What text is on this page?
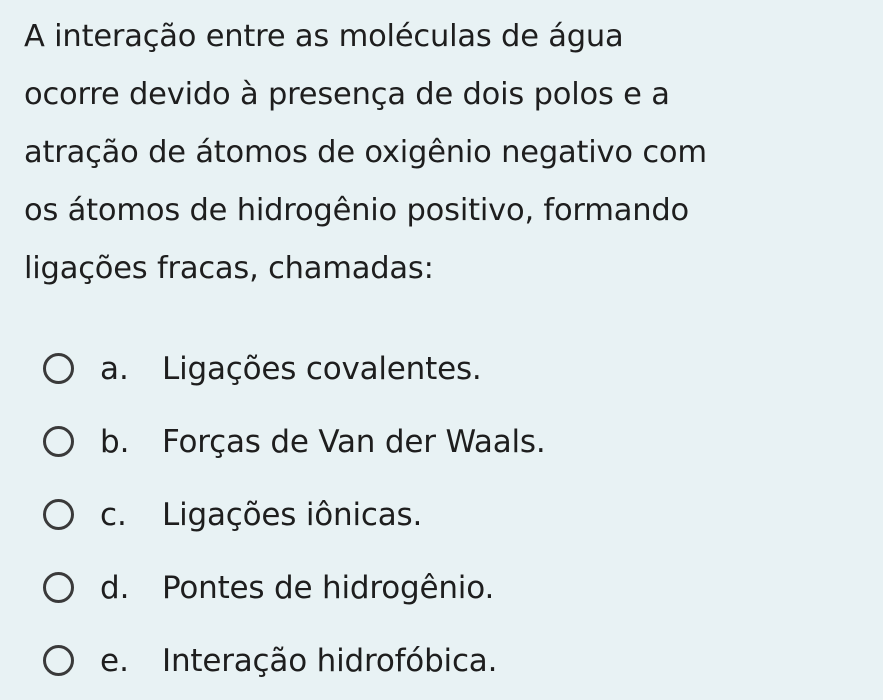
A interação entre as moléculas de água
ocorre devido à presença de dois polos e a
atração de átomos de oxigênio negativo com
os átomos de hidrogênio positivo, formando
ligações fracas, chamadas:
a. Ligações covalentes.
b. Forças de Van der Waals.
c. Ligações iônicas.
d. Pontes de hidrogênio.
e. Interação hidrofóbica.
